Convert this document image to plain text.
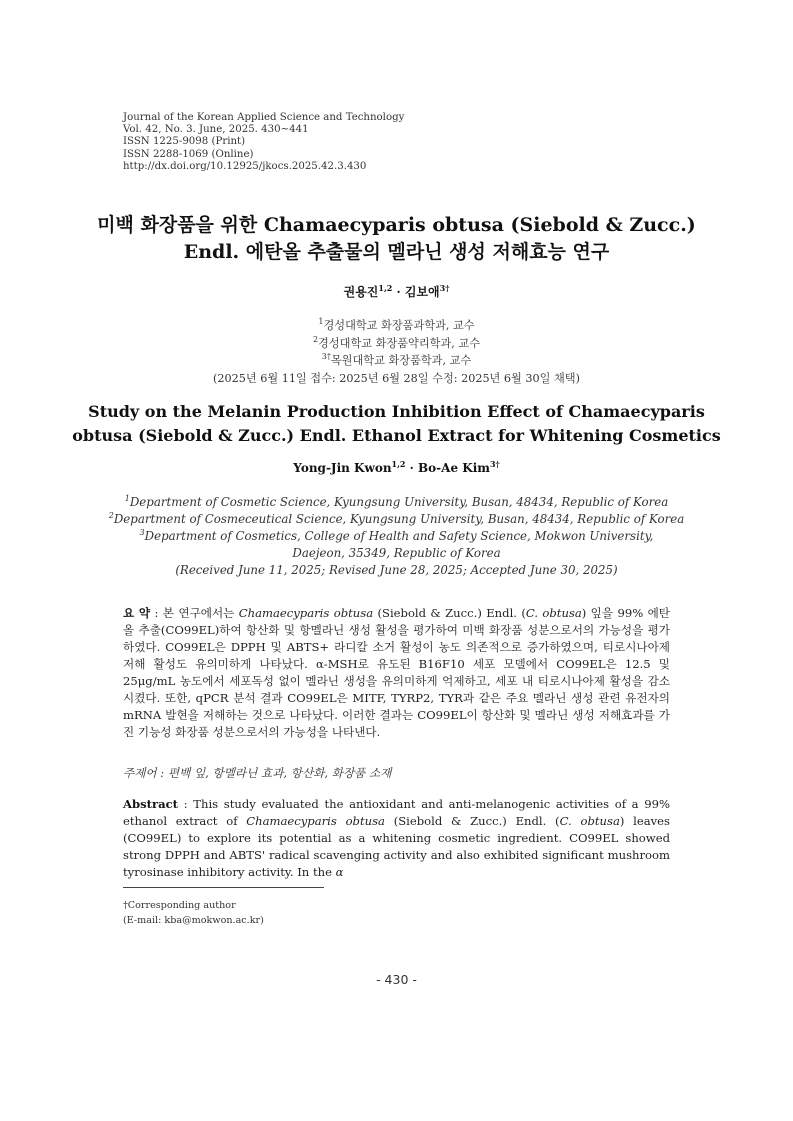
Journal of the Korean Applied Science and Technology
Vol. 42, No. 3. June, 2025. 430~441
ISSN 1225-9098 (Print)
ISSN 2288-1069 (Online)
http://dx.doi.org/10.12925/jkocs.2025.42.3.430
미백 화장품을 위한 Chamaecyparis obtusa (Siebold & Zucc.)
Endl. 에탄올 추출물의 멜라닌 생성 저해효능 연구
권용진$^{1,2}$ · 김보애$^{3\dagger}$
$^1$경성대학교 화장품과학과, 교수
$^2$경성대학교 화장품약리학과, 교수
$^{3\dagger}$목원대학교 화장품학과, 교수
(2025년 6월 11일 접수: 2025년 6월 28일 수정: 2025년 6월 30일 채택)
Study on the Melanin Production Inhibition Effect of Chamaecyparis
obtusa (Siebold & Zucc.) Endl. Ethanol Extract for Whitening Cosmetics
Yong-Jin Kwon$^{1,2}$ · Bo-Ae Kim$^{3\dagger}$
$^1$Department of Cosmetic Science, Kyungsung University, Busan, 48434, Republic of Korea
$^2$Department of Cosmeceutical Science, Kyungsung University, Busan, 48434, Republic of Korea
$^3$Department of Cosmetics, College of Health and Safety Science, Mokwon University,
Daejeon, 35349, Republic of Korea
(Received June 11, 2025; Revised June 28, 2025; Accepted June 30, 2025)
요 약 : 본 연구에서는 Chamaecyparis obtusa (Siebold & Zucc.) Endl. (C. obtusa) 잎을 99% 에탄올 추출(CO99EL)하여 항산화 및 항멜라닌 생성 활성을 평가하여 미백 화장품 성분으로서의 가능성을 평가하였다. CO99EL은 DPPH 및 ABTS+ 라디칼 소거 활성이 농도 의존적으로 증가하였으며, 티로시나아제 저해 활성도 유의미하게 나타났다. α-MSH로 유도된 B16F10 세포 모델에서 CO99EL은 12.5 및 25μg/mL 농도에서 세포독성 없이 멜라닌 생성을 유의미하게 억제하고, 세포 내 티로시나아제 활성을 감소시켰다. 또한, qPCR 분석 결과 CO99EL은 MITF, TYRP2, TYR과 같은 주요 멜라닌 생성 관련 유전자의 mRNA 발현을 저해하는 것으로 나타났다. 이러한 결과는 CO99EL이 항산화 및 멜라닌 생성 저해효과를 가진 기능성 화장품 성분으로서의 가능성을 나타낸다.
주제어 : 편백 잎, 항멜라닌 효과, 항산화, 화장품 소재
Abstract : This study evaluated the antioxidant and anti-melanogenic activities of a 99% ethanol extract of Chamaecyparis obtusa (Siebold & Zucc.) Endl. (C. obtusa) leaves (CO99EL) to explore its potential as a whitening cosmetic ingredient. CO99EL showed strong DPPH and ABTS' radical scavenging activity and also exhibited significant mushroom tyrosinase inhibitory activity. In the α
†Corresponding author
(E-mail: kba@mokwon.ac.kr)
- 430 -
